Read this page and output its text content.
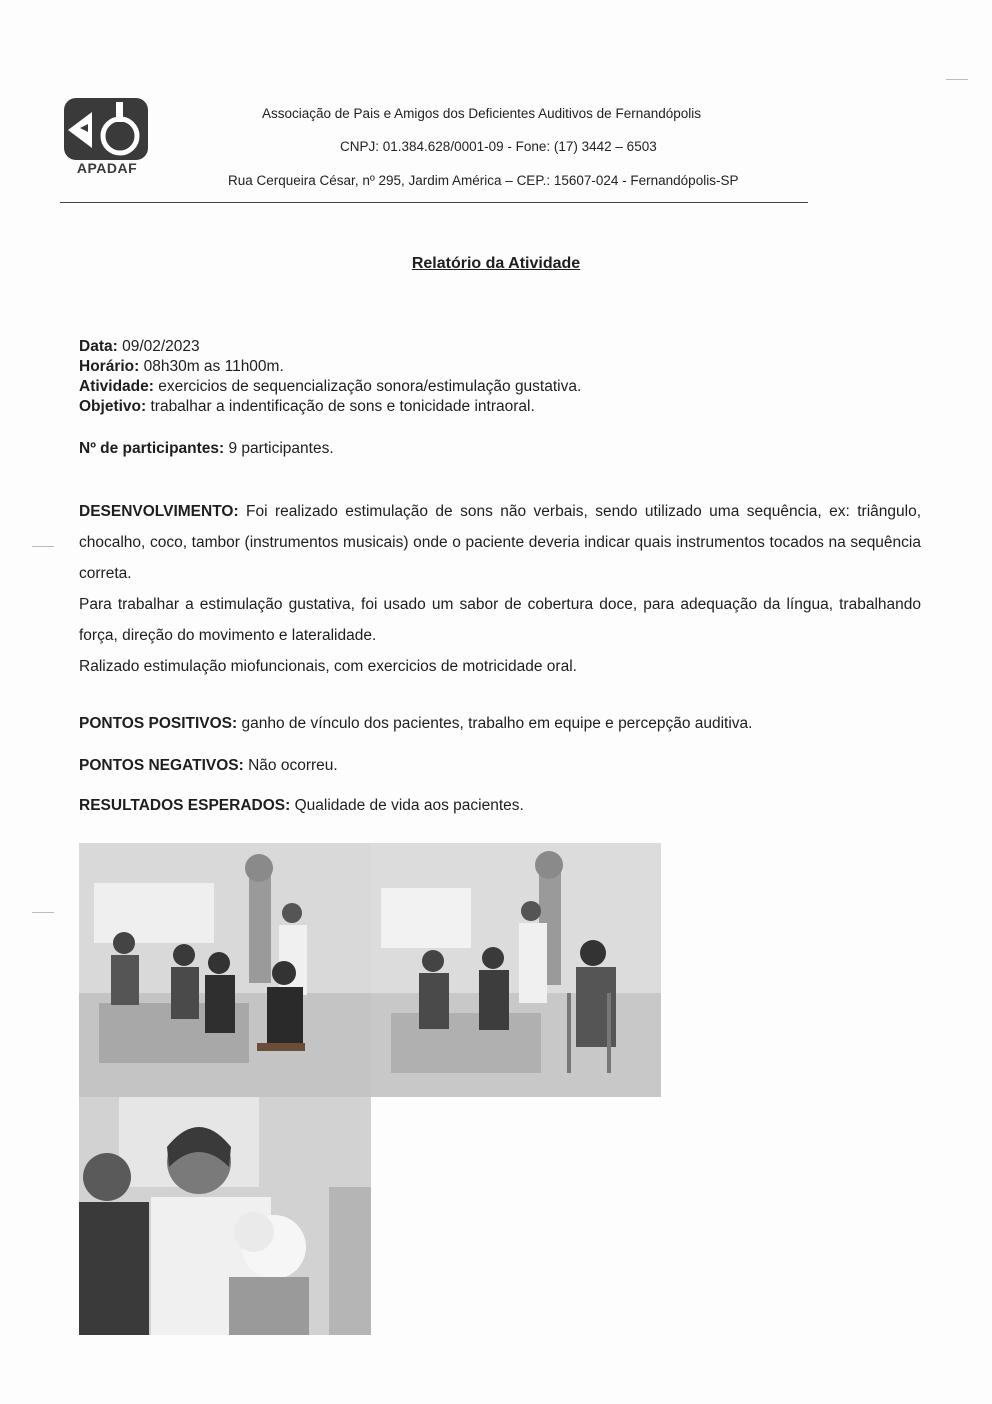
APADAF
Associação de Pais e Amigos dos Deficientes Auditivos de Fernandópolis
CNPJ: 01.384.628/0001-09 - Fone: (17) 3442 – 6503
Rua Cerqueira César, nº 295, Jardim América – CEP.: 15607-024 - Fernandópolis-SP
Relatório da Atividade
Data: 09/02/2023
Horário: 08h30m as 11h00m.
Atividade: exercicios de sequencialização sonora/estimulação gustativa.
Objetivo: trabalhar a indentificação de sons e tonicidade intraoral.
Nº de participantes: 9 participantes.

DESENVOLVIMENTO: Foi realizado estimulação de sons não verbais, sendo utilizado uma sequência, ex: triângulo, chocalho, coco, tambor (instrumentos musicais) onde o paciente deveria indicar quais instrumentos tocados na sequência correta.

Para trabalhar a estimulação gustativa, foi usado um sabor de cobertura doce, para adequação da língua, trabalhando força, direção do movimento e lateralidade.

Ralizado estimulação miofuncionais, com exercicios de motricidade oral.

PONTOS POSITIVOS: ganho de vínculo dos pacientes, trabalho em equipe e percepção auditiva.
PONTOS NEGATIVOS: Não ocorreu.
RESULTADOS ESPERADOS: Qualidade de vida aos pacientes.
